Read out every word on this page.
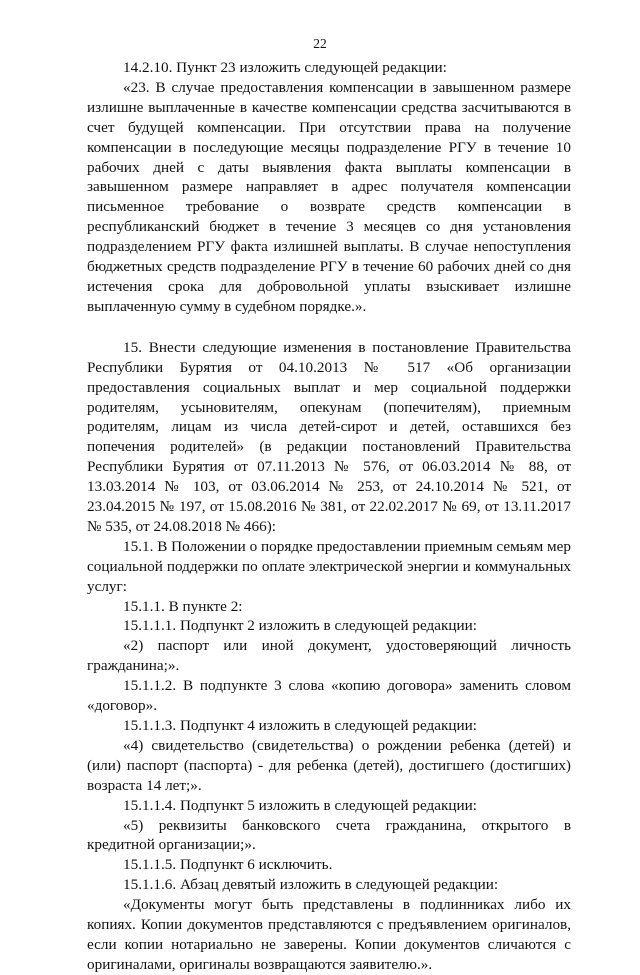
22

14.2.10. Пункт 23 изложить следующей редакции:

«23. В случае предоставления компенсации в завышенном размере излишне выплаченные в качестве компенсации средства засчитываются в счет будущей компенсации. При отсутствии права на получение компенсации в последующие месяцы подразделение РГУ в течение 10 рабочих дней с даты выявления факта выплаты компенсации в завышенном размере направляет в адрес получателя компенсации письменное требование о возврате средств компенсации в республиканский бюджет в течение 3 месяцев со дня установления подразделением РГУ факта излишней выплаты. В случае непоступления бюджетных средств подразделение РГУ в течение 60 рабочих дней со дня истечения срока для добровольной уплаты взыскивает излишне выплаченную сумму в судебном порядке.».

15. Внести следующие изменения в постановление Правительства Республики Бурятия от 04.10.2013 № 517 «Об организации предоставления социальных выплат и мер социальной поддержки родителям, усыновителям, опекунам (попечителям), приемным родителям, лицам из числа детей-сирот и детей, оставшихся без попечения родителей» (в редакции постановлений Правительства Республики Бурятия от 07.11.2013 № 576, от 06.03.2014 № 88, от 13.03.2014 № 103, от 03.06.2014 № 253, от 24.10.2014 № 521, от 23.04.2015 № 197, от 15.08.2016 № 381, от 22.02.2017 № 69, от 13.11.2017 № 535, от 24.08.2018 № 466):

15.1. В Положении о порядке предоставлении приемным семьям мер социальной поддержки по оплате электрической энергии и коммунальных услуг:

15.1.1. В пункте 2:

15.1.1.1. Подпункт 2 изложить в следующей редакции:

«2) паспорт или иной документ, удостоверяющий личность гражданина;».

15.1.1.2. В подпункте 3 слова «копию договора» заменить словом «договор».

15.1.1.3. Подпункт 4 изложить в следующей редакции:

«4) свидетельство (свидетельства) о рождении ребенка (детей) и (или) паспорт (паспорта) - для ребенка (детей), достигшего (достигших) возраста 14 лет;».

15.1.1.4. Подпункт 5 изложить в следующей редакции:

«5) реквизиты банковского счета гражданина, открытого в кредитной организации;».

15.1.1.5. Подпункт 6 исключить.

15.1.1.6. Абзац девятый изложить в следующей редакции:

«Документы могут быть представлены в подлинниках либо их копиях. Копии документов представляются с предъявлением оригиналов, если копии нотариально не заверены. Копии документов сличаются с оригиналами, оригиналы возвращаются заявителю.».
